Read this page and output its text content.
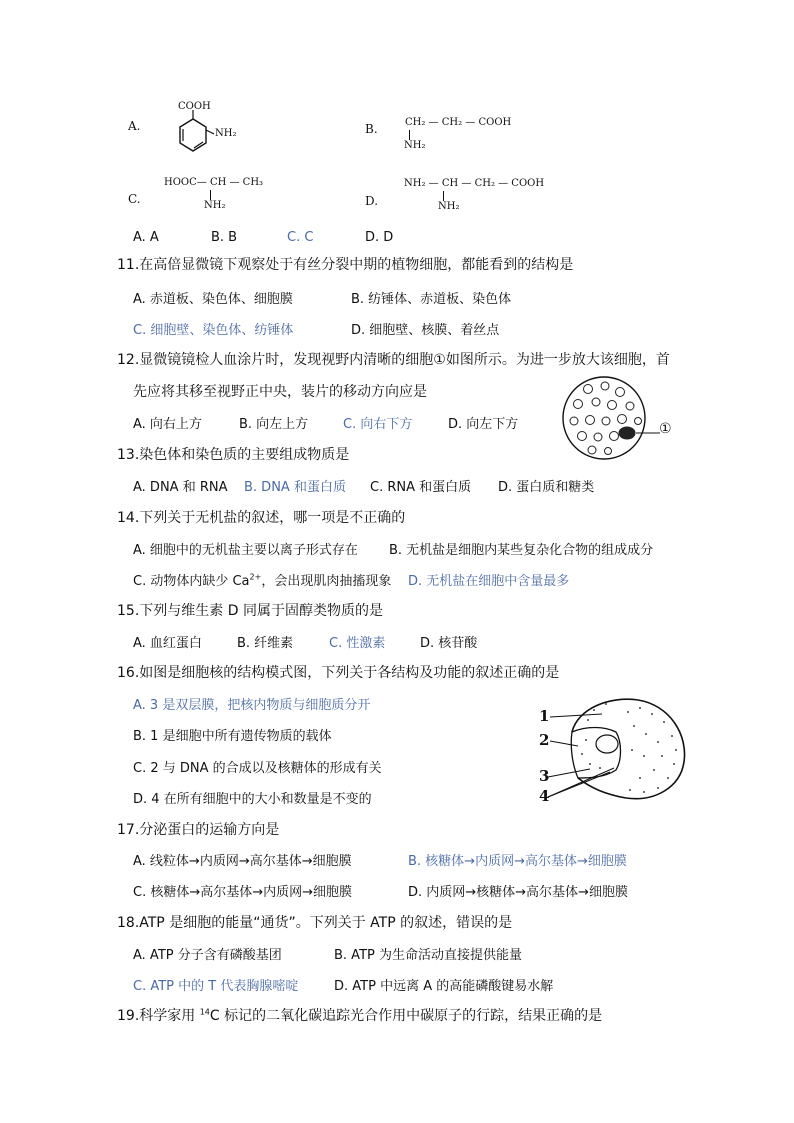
A.
COOH
NH₂	B.	CH₂ — CH₂ — COOH
NH₂
C.
HOOC— CH — CH₃
NH₂	D.
NH₂ — CH — CH₂ — COOH
NH₂
A. A	B. B	C. C	D. D
11.在高倍显微镜下观察处于有丝分裂中期的植物细胞，都能看到的结构是
A. 赤道板、染色体、细胞膜	B. 纺锤体、赤道板、染色体
C. 细胞壁、染色体、纺锤体	D. 细胞壁、核膜、着丝点
12.显微镜镜检人血涂片时，发现视野内清晰的细胞①如图所示。为进一步放大该细胞，首
先应将其移至视野正中央，装片的移动方向应是
A. 向右上方	B. 向左上方	C. 向右下方	D. 向左下方	①
13.染色体和染色质的主要组成物质是
A. DNA 和 RNA B. DNA 和蛋白质 C. RNA 和蛋白质 D. 蛋白质和糖类
14.下列关于无机盐的叙述，哪一项是不正确的
A. 细胞中的无机盐主要以离子形式存在 B. 无机盐是细胞内某些复杂化合物的组成成分
C. 动物体内缺少 $Ca^{2+}$，会出现肌肉抽搐现象 D. 无机盐在细胞中含量最多
15.下列与维生素 D 同属于固醇类物质的是
A. 血红蛋白	B. 纤维素	C. 性激素	D. 核苷酸
16.如图是细胞核的结构模式图，下列关于各结构及功能的叙述正确的是
A. 3 是双层膜，把核内物质与细胞质分开
B. 1 是细胞中所有遗传物质的载体
C. 2 与 DNA 的合成以及核糖体的形成有关
D. 4 在所有细胞中的大小和数量是不变的
1
2
3
4
17.分泌蛋白的运输方向是
A. 线粒体→内质网→高尔基体→细胞膜	B. 核糖体→内质网→高尔基体→细胞膜
C. 核糖体→高尔基体→内质网→细胞膜	D. 内质网→核糖体→高尔基体→细胞膜
18.ATP 是细胞的能量“通货”。下列关于 ATP 的叙述，错误的是
A. ATP 分子含有磷酸基团	B. ATP 为生命活动直接提供能量
C. ATP 中的 T 代表胸腺嘧啶	D. ATP 中远离 A 的高能磷酸键易水解
19.科学家用 $^{14}$C 标记的二氧化碳追踪光合作用中碳原子的行踪，结果正确的是
